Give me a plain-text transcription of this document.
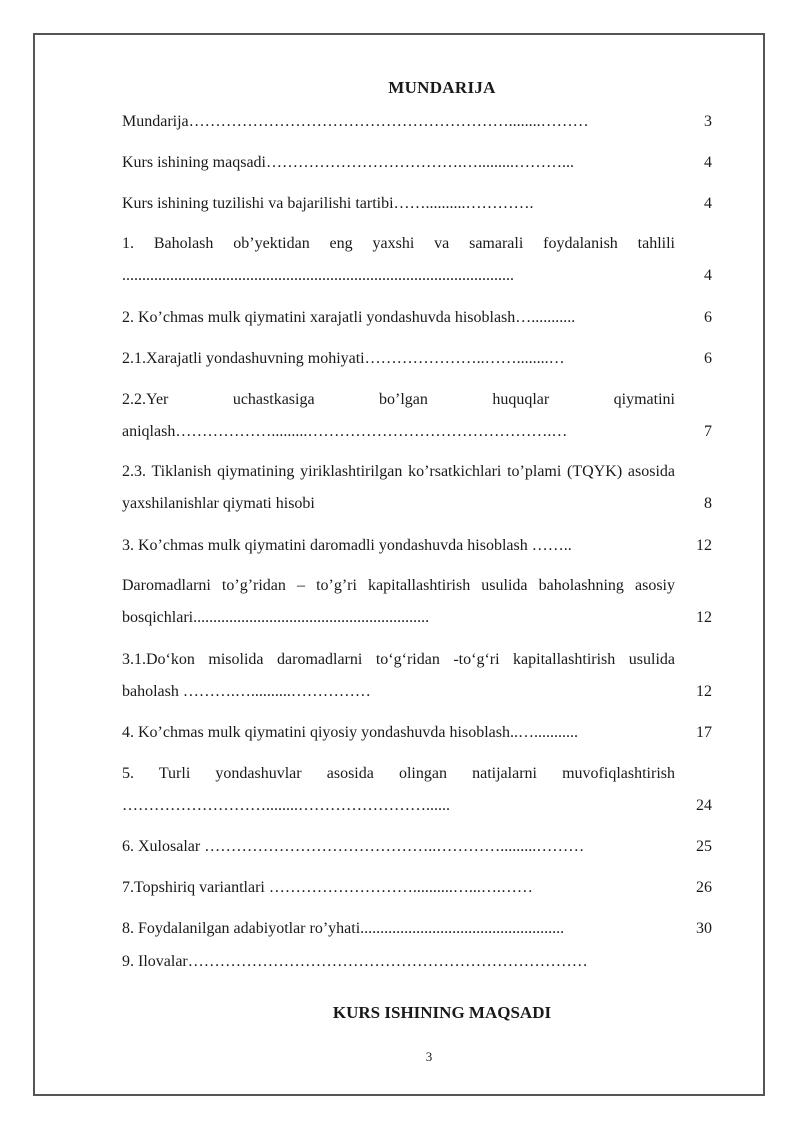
MUNDARIJA
Mundarija……………………………………………………........………	3
Kurs ishining maqsadi……………………………….….........………...	4
Kurs ishining tuzilishi va bajarilishi tartibi……..........………….	4
1. Baholash ob’yektidan eng yaxshi va samarali foydalanish tahlili ..................................................................................................	4
2. Ko’chmas mulk qiymatini xarajatli yondashuvda hisoblash…...........	6
2.1.Xarajatli yondashuvning mohiyati…………………..……........…	6
2.2.Yer uchastkasiga bo’lgan huquqlar qiymatini aniqlash……………….........……………………………………….…	7
2.3. Tiklanish qiymatining yiriklashtirilgan ko’rsatkichlari to’plami (TQYK) asosida yaxshilanishlar qiymati hisobi	8
3. Ko’chmas mulk qiymatini daromadli yondashuvda hisoblash ……..	12
Daromadlarni to’g’ridan – to’g’ri kapitallashtirish usulida baholashning asosiy bosqichlari...........................................................	12
3.1.Do‘kon misolida daromadlarni to‘g‘ridan -to‘g‘ri kapitallashtirish usulida baholash ……….…..........……………	12
4. Ko’chmas mulk qiymatini qiyosiy yondashuvda hisoblash..…...........	17
5. Turli yondashuvlar asosida olingan natijalarni muvofiqlashtirish ………………………........……………………......	24
6. Xulosalar ……………………………………..………….........………	25
7.Topshiriq variantlari ………………………..........…...….……	26
8. Foydalanilgan adabiyotlar ro’yhati...................................................	30
9. Ilovalar…………………………………………………………………
KURS ISHINING MAQSADI
3
